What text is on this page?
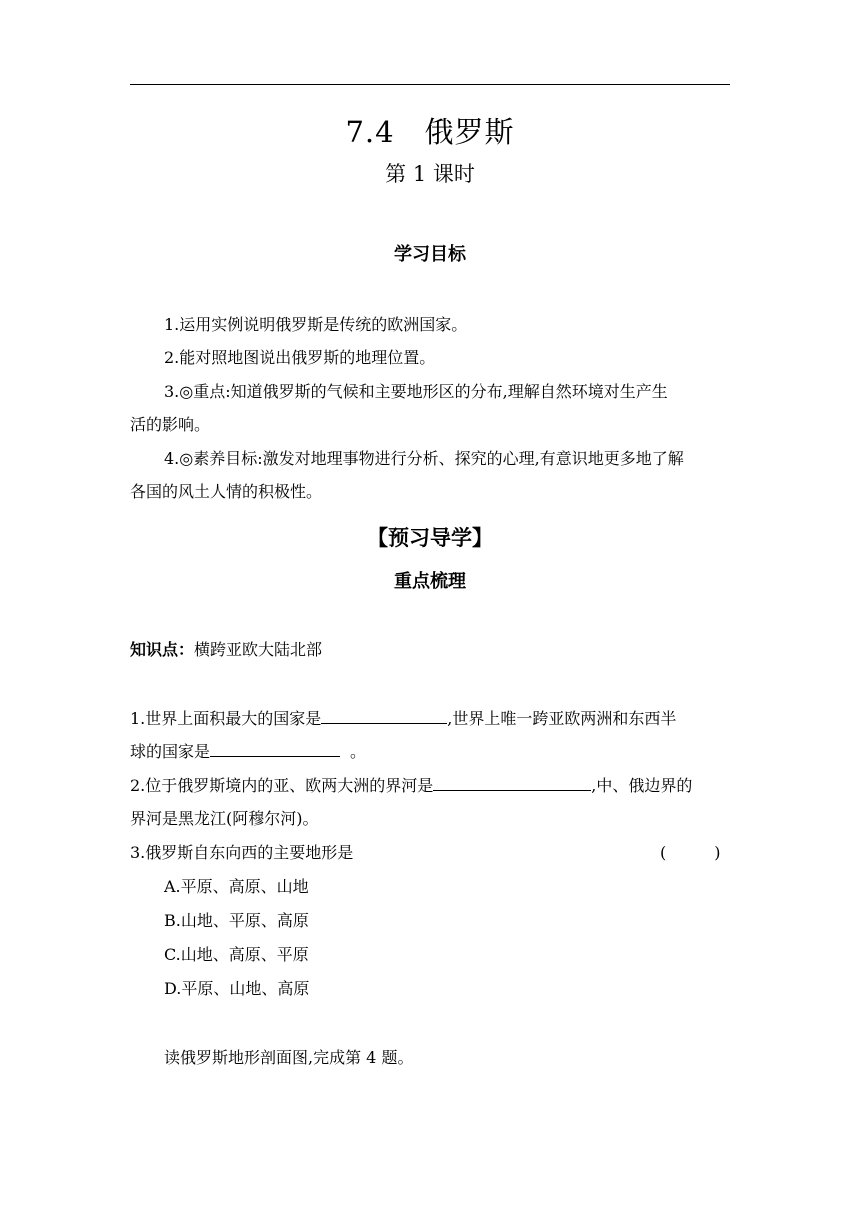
7.4　俄罗斯
第 1 课时
学习目标
1.运用实例说明俄罗斯是传统的欧洲国家。
2.能对照地图说出俄罗斯的地理位置。
3.◎重点:知道俄罗斯的气候和主要地形区的分布,理解自然环境对生产生
活的影响。
4.◎素养目标:激发对地理事物进行分析、探究的心理,有意识地更多地了解
各国的风土人情的积极性。
【预习导学】
重点梳理
知识点：横跨亚欧大陆北部
1.世界上面积最大的国家是	,世界上唯一跨亚欧两洲和东西半
球的国家是	。
2.位于俄罗斯境内的亚、欧两大洲的界河是	,中、俄边界的
界河是黑龙江(阿穆尔河)。
3.俄罗斯自东向西的主要地形是	(　　　)
A.平原、高原、山地
B.山地、平原、高原
C.山地、高原、平原
D.平原、山地、高原
读俄罗斯地形剖面图,完成第 4 题。
